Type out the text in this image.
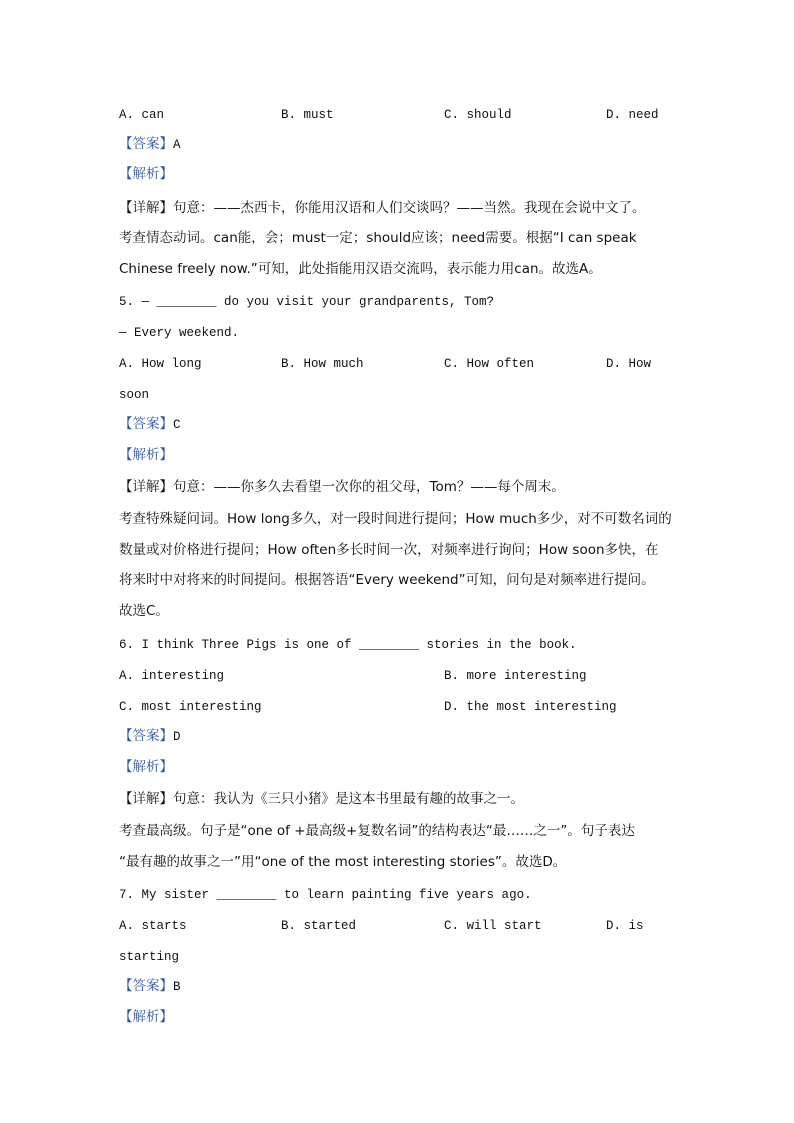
A. can	B. must	C. should	D. need
【答案】A
【解析】
【详解】句意：——杰西卡，你能用汉语和人们交谈吗？——当然。我现在会说中文了。
考查情态动词。can能，会；must一定；should应该；need需要。根据“I can speak
Chinese freely now.”可知，此处指能用汉语交流吗，表示能力用can。故选A。
5. — ________ do you visit your grandparents, Tom?
— Every weekend.
A. How long	B. How much	C. How often	D. How
soon
【答案】C
【解析】
【详解】句意：——你多久去看望一次你的祖父母，Tom？——每个周末。
考查特殊疑问词。How long多久，对一段时间进行提问；How much多少，对不可数名词的
数量或对价格进行提问；How often多长时间一次，对频率进行询问；How soon多快，在
将来时中对将来的时间提问。根据答语“Every weekend”可知，问句是对频率进行提问。
故选C。
6. I think Three Pigs is one of ________ stories in the book.
A. interesting	B. more interesting
C. most interesting	D. the most interesting
【答案】D
【解析】
【详解】句意：我认为《三只小猪》是这本书里最有趣的故事之一。
考查最高级。句子是“one of +最高级+复数名词”的结构表达“最……之一”。句子表达
“最有趣的故事之一”用“one of the most interesting stories”。故选D。
7. My sister ________ to learn painting five years ago.
A. starts	B. started	C. will start	D. is
starting
【答案】B
【解析】
